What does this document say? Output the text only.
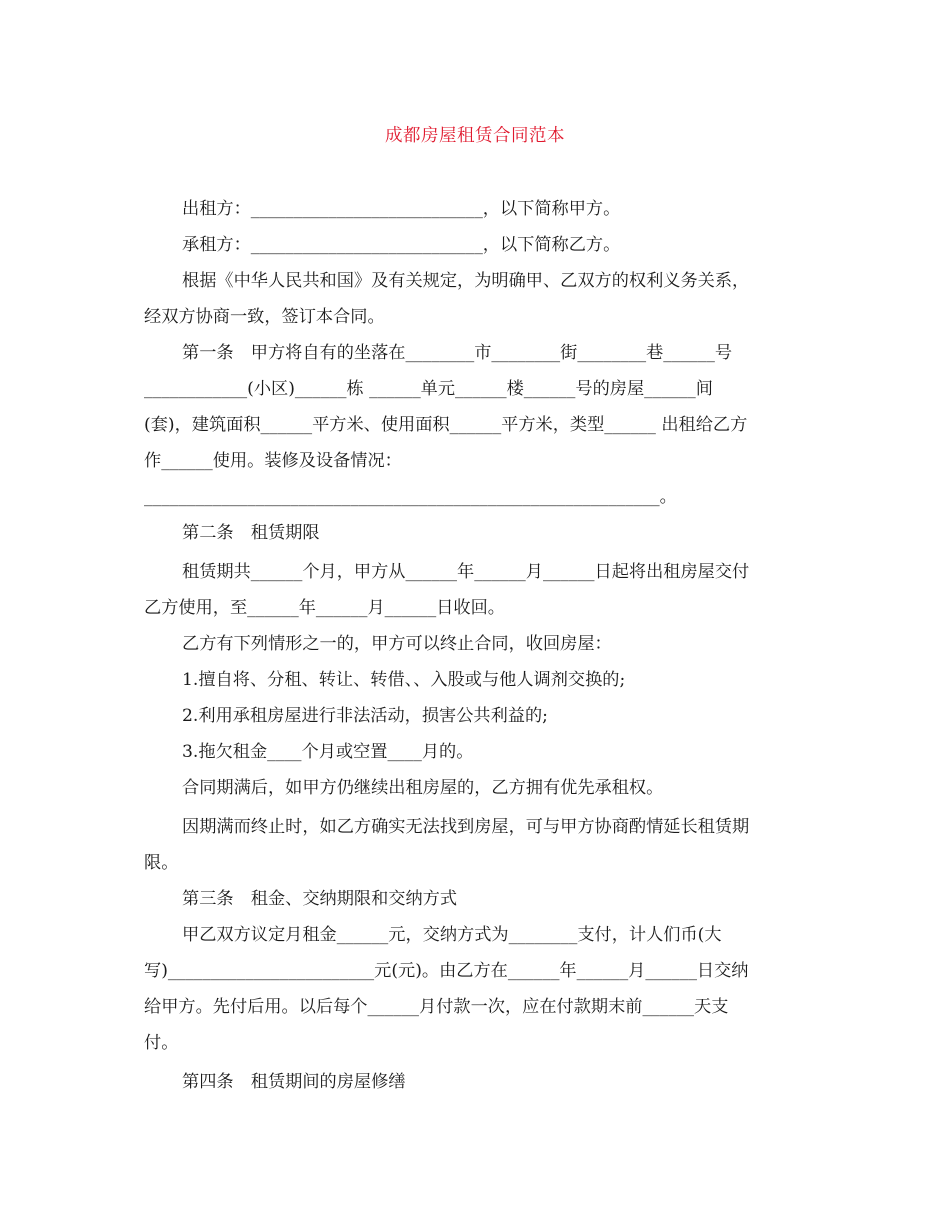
成都房屋租赁合同范本

出租方：___________________________，以下简称甲方。

承租方：___________________________，以下简称乙方。

根据《中华人民共和国》及有关规定，为明确甲、乙双方的权利义务关系，

经双方协商一致，签订本合同。

第一条　甲方将自有的坐落在________市________街________巷______号

____________(小区)______栋 ______单元______楼______号的房屋______间

(套)，建筑面积______平方米、使用面积______平方米，类型______ 出租给乙方

作______使用。装修及设备情况：

____________________________________________________________。

第二条　租赁期限

租赁期共______个月，甲方从______年______月______日起将出租房屋交付

乙方使用，至______年______月______日收回。

乙方有下列情形之一的，甲方可以终止合同，收回房屋：

1.擅自将、分租、转让、转借、、入股或与他人调剂交换的;

2.利用承租房屋进行非法活动，损害公共利益的;

3.拖欠租金____个月或空置____月的。

合同期满后，如甲方仍继续出租房屋的，乙方拥有优先承租权。

因期满而终止时，如乙方确实无法找到房屋，可与甲方协商酌情延长租赁期

限。

第三条　租金、交纳期限和交纳方式

甲乙双方议定月租金______元，交纳方式为________支付，计人们币(大

写)________________________元(元)。由乙方在______年______月______日交纳

给甲方。先付后用。以后每个______月付款一次，应在付款期末前______天支

付。

第四条　租赁期间的房屋修缮
